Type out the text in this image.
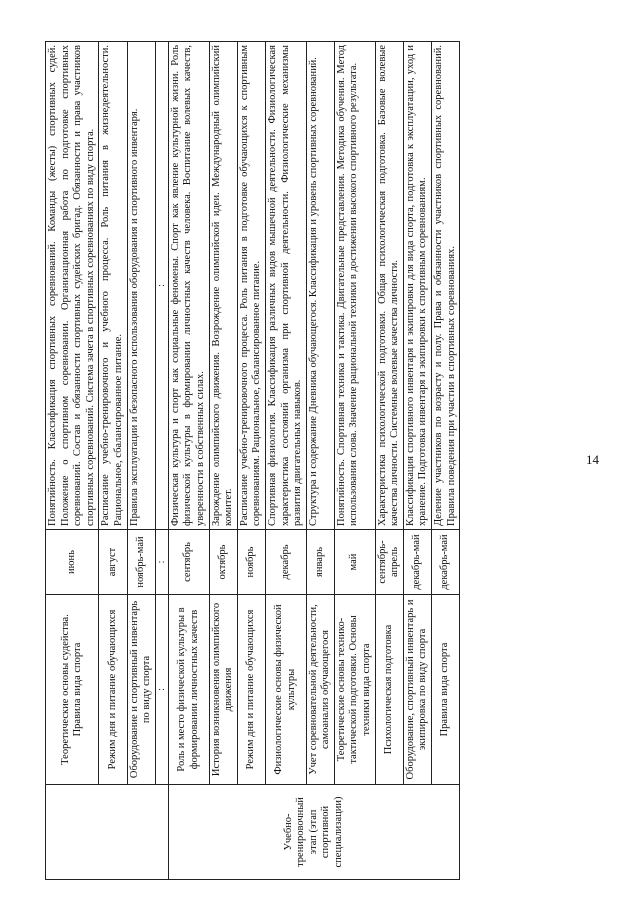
14
	Теоретические основы судейства. Правила вида спорта	июнь	Понятийность. Классификация спортивных соревнований. Команды (жесты) спортивных судей. Положение о спортивном соревновании. Организационная работа по подготовке спортивных соревнований. Состав и обязанности спортивных судейских бригад. Обязанности и права участников спортивных соревнований. Система зачета в спортивных соревнованиях по виду спорта.
	Режим дня и питание обучающихся	август	Расписание учебно-тренировочного и учебного процесса. Роль питания в жизнедеятельности. Рациональное, сбалансированное питание.
	Оборудование и спортивный инвентарь по виду спорта	ноябрь-май	Правила эксплуатации и безопасного использования оборудования и спортивного инвентаря.
	:	:	:
Учебно-тренировочный этап (этап спортивной специализации)	Роль и место физической культуры в формировании личностных качеств	сентябрь	Физическая культура и спорт как социальные феномены. Спорт как явление культурной жизни. Роль физической культуры в формировании личностных качеств человека. Воспитание волевых качеств, уверенности в собственных силах.
	История возникновения олимпийского движения	октябрь	Зарождение олимпийского движения. Возрождение олимпийской идеи. Международный олимпийский комитет.
	Режим дня и питание обучающихся	ноябрь	Расписание учебно-тренировочного процесса. Роль питания в подготовке обучающихся к спортивным соревнованиям. Рациональное, сбалансированное питание.
	Физиологические основы физической культуры	декабрь	Спортивная физиология. Классификация различных видов мышечной деятельности. Физиологическая характеристика состояний организма при спортивной деятельности. Физиологические механизмы развития двигательных навыков.
	Учет соревновательной деятельности, самоанализ обучающегося	январь	Структура и содержание Дневника обучающегося. Классификация и уровень спортивных соревнований.
	Теоретические основы технико-тактической подготовки. Основы техники вида спорта	май	Понятийность. Спортивная техника и тактика. Двигательные представления. Методика обучения. Метод использования слова. Значение рациональной техники в достижении высокого спортивного результата.
	Психологическая подготовка	сентябрь-апрель	Характеристика психологической подготовки. Общая психологическая подготовка. Базовые волевые качества личности. Системные волевые качества личности.
	Оборудование, спортивный инвентарь и экипировка по виду спорта	декабрь-май	Классификация спортивного инвентаря и экипировки для вида спорта, подготовка к эксплуатации, уход и хранение. Подготовка инвентаря и экипировки к спортивным соревнованиям.
	Правила вида спорта	декабрь-май	Деление участников по возрасту и полу. Права и обязанности участников спортивных соревнований. Правила поведения при участии в спортивных соревнованиях.
